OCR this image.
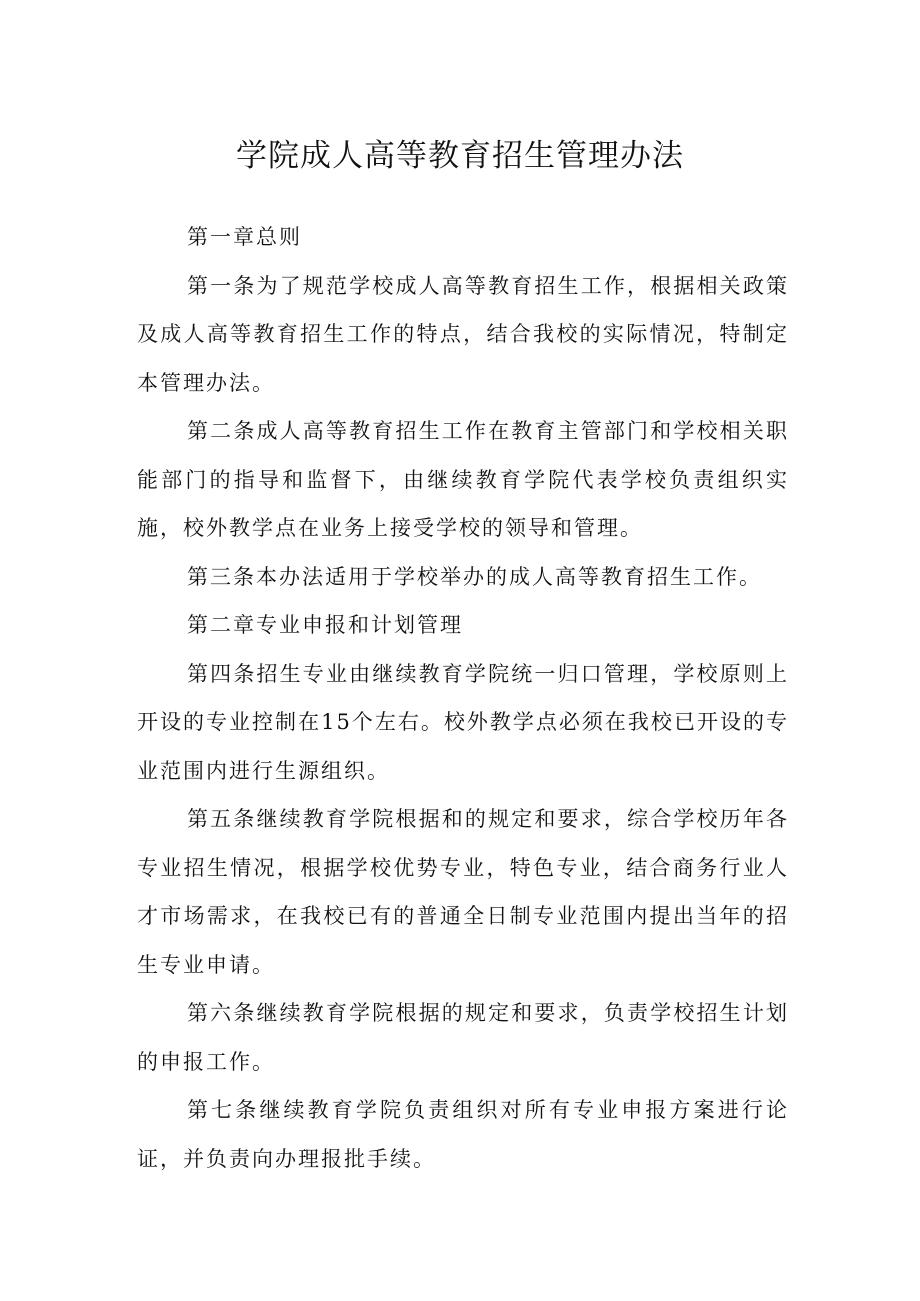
学院成人高等教育招生管理办法

第一章总则

第一条为了规范学校成人高等教育招生工作，根据相关政策及成人高等教育招生工作的特点，结合我校的实际情况，特制定本管理办法。

第二条成人高等教育招生工作在教育主管部门和学校相关职能部门的指导和监督下，由继续教育学院代表学校负责组织实施，校外教学点在业务上接受学校的领导和管理。

第三条本办法适用于学校举办的成人高等教育招生工作。

第二章专业申报和计划管理

第四条招生专业由继续教育学院统一归口管理，学校原则上开设的专业控制在15个左右。校外教学点必须在我校已开设的专业范围内进行生源组织。

第五条继续教育学院根据和的规定和要求，综合学校历年各专业招生情况，根据学校优势专业，特色专业，结合商务行业人才市场需求，在我校已有的普通全日制专业范围内提出当年的招生专业申请。

第六条继续教育学院根据的规定和要求，负责学校招生计划的申报工作。

第七条继续教育学院负责组织对所有专业申报方案进行论证，并负责向办理报批手续。
